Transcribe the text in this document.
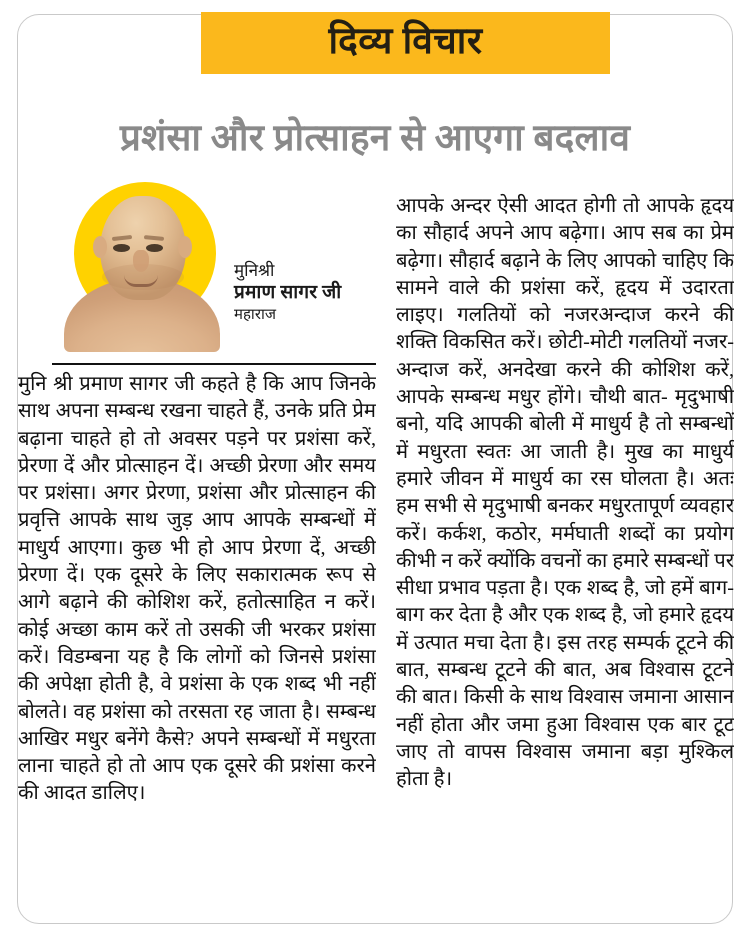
दिव्य विचार
प्रशंसा और प्रोत्साहन से आएगा बदलाव
मुनिश्री
प्रमाण सागर जी
महाराज

मुनि श्री प्रमाण सागर जी कहते है कि आप जिनके साथ अपना सम्बन्ध रखना चाहते हैं, उनके प्रति प्रेम बढ़ाना चाहते हो तो अवसर पड़ने पर प्रशंसा करें, प्रेरणा दें और प्रोत्साहन दें। अच्छी प्रेरणा और समय पर प्रशंसा। अगर प्रेरणा, प्रशंसा और प्रोत्साहन की प्रवृत्ति आपके साथ जुड़ आप आपके सम्बन्धों में माधुर्य आएगा। कुछ भी हो आप प्रेरणा दें, अच्छी प्रेरणा दें। एक दूसरे के लिए सकारात्मक रूप से आगे बढ़ाने की कोशिश करें, हतोत्साहित न करें। कोई अच्छा काम करें तो उसकी जी भरकर प्रशंसा करें। विडम्बना यह है कि लोगों को जिनसे प्रशंसा की अपेक्षा होती है, वे प्रशंसा के एक शब्द भी नहीं बोलते। वह प्रशंसा को तरसता रह जाता है। सम्बन्ध आखिर मधुर बनेंगे कैसे? अपने सम्बन्धों में मधुरता लाना चाहते हो तो आप एक दूसरे की प्रशंसा करने की आदत डालिए।

आपके अन्दर ऐसी आदत होगी तो आपके हृदय का सौहार्द अपने आप बढ़ेगा। आप सब का प्रेम बढ़ेगा। सौहार्द बढ़ाने के लिए आपको चाहिए कि सामने वाले की प्रशंसा करें, हृदय में उदारता लाइए। गलतियों को नजरअन्दाज करने की शक्ति विकसित करें। छोटी-मोटी गलतियों नजर-अन्दाज करें, अनदेखा करने की कोशिश करें, आपके सम्बन्ध मधुर होंगे। चौथी बात- मृदुभाषी बनो, यदि आपकी बोली में माधुर्य है तो सम्बन्धों में मधुरता स्वतः आ जाती है। मुख का माधुर्य हमारे जीवन में माधुर्य का रस घोलता है। अतः हम सभी से मृदुभाषी बनकर मधुरतापूर्ण व्यवहार करें। कर्कश, कठोर, मर्मघाती शब्दों का प्रयोग कीभी न करें क्योंकि वचनों का हमारे सम्बन्धों पर सीधा प्रभाव पड़ता है। एक शब्द है, जो हमें बाग-बाग कर देता है और एक शब्द है, जो हमारे हृदय में उत्पात मचा देता है। इस तरह सम्पर्क टूटने की बात, सम्बन्ध टूटने की बात, अब विश्वास टूटने की बात। किसी के साथ विश्वास जमाना आसान नहीं होता और जमा हुआ विश्वास एक बार टूट जाए तो वापस विश्वास जमाना बड़ा मुश्किल होता है।
